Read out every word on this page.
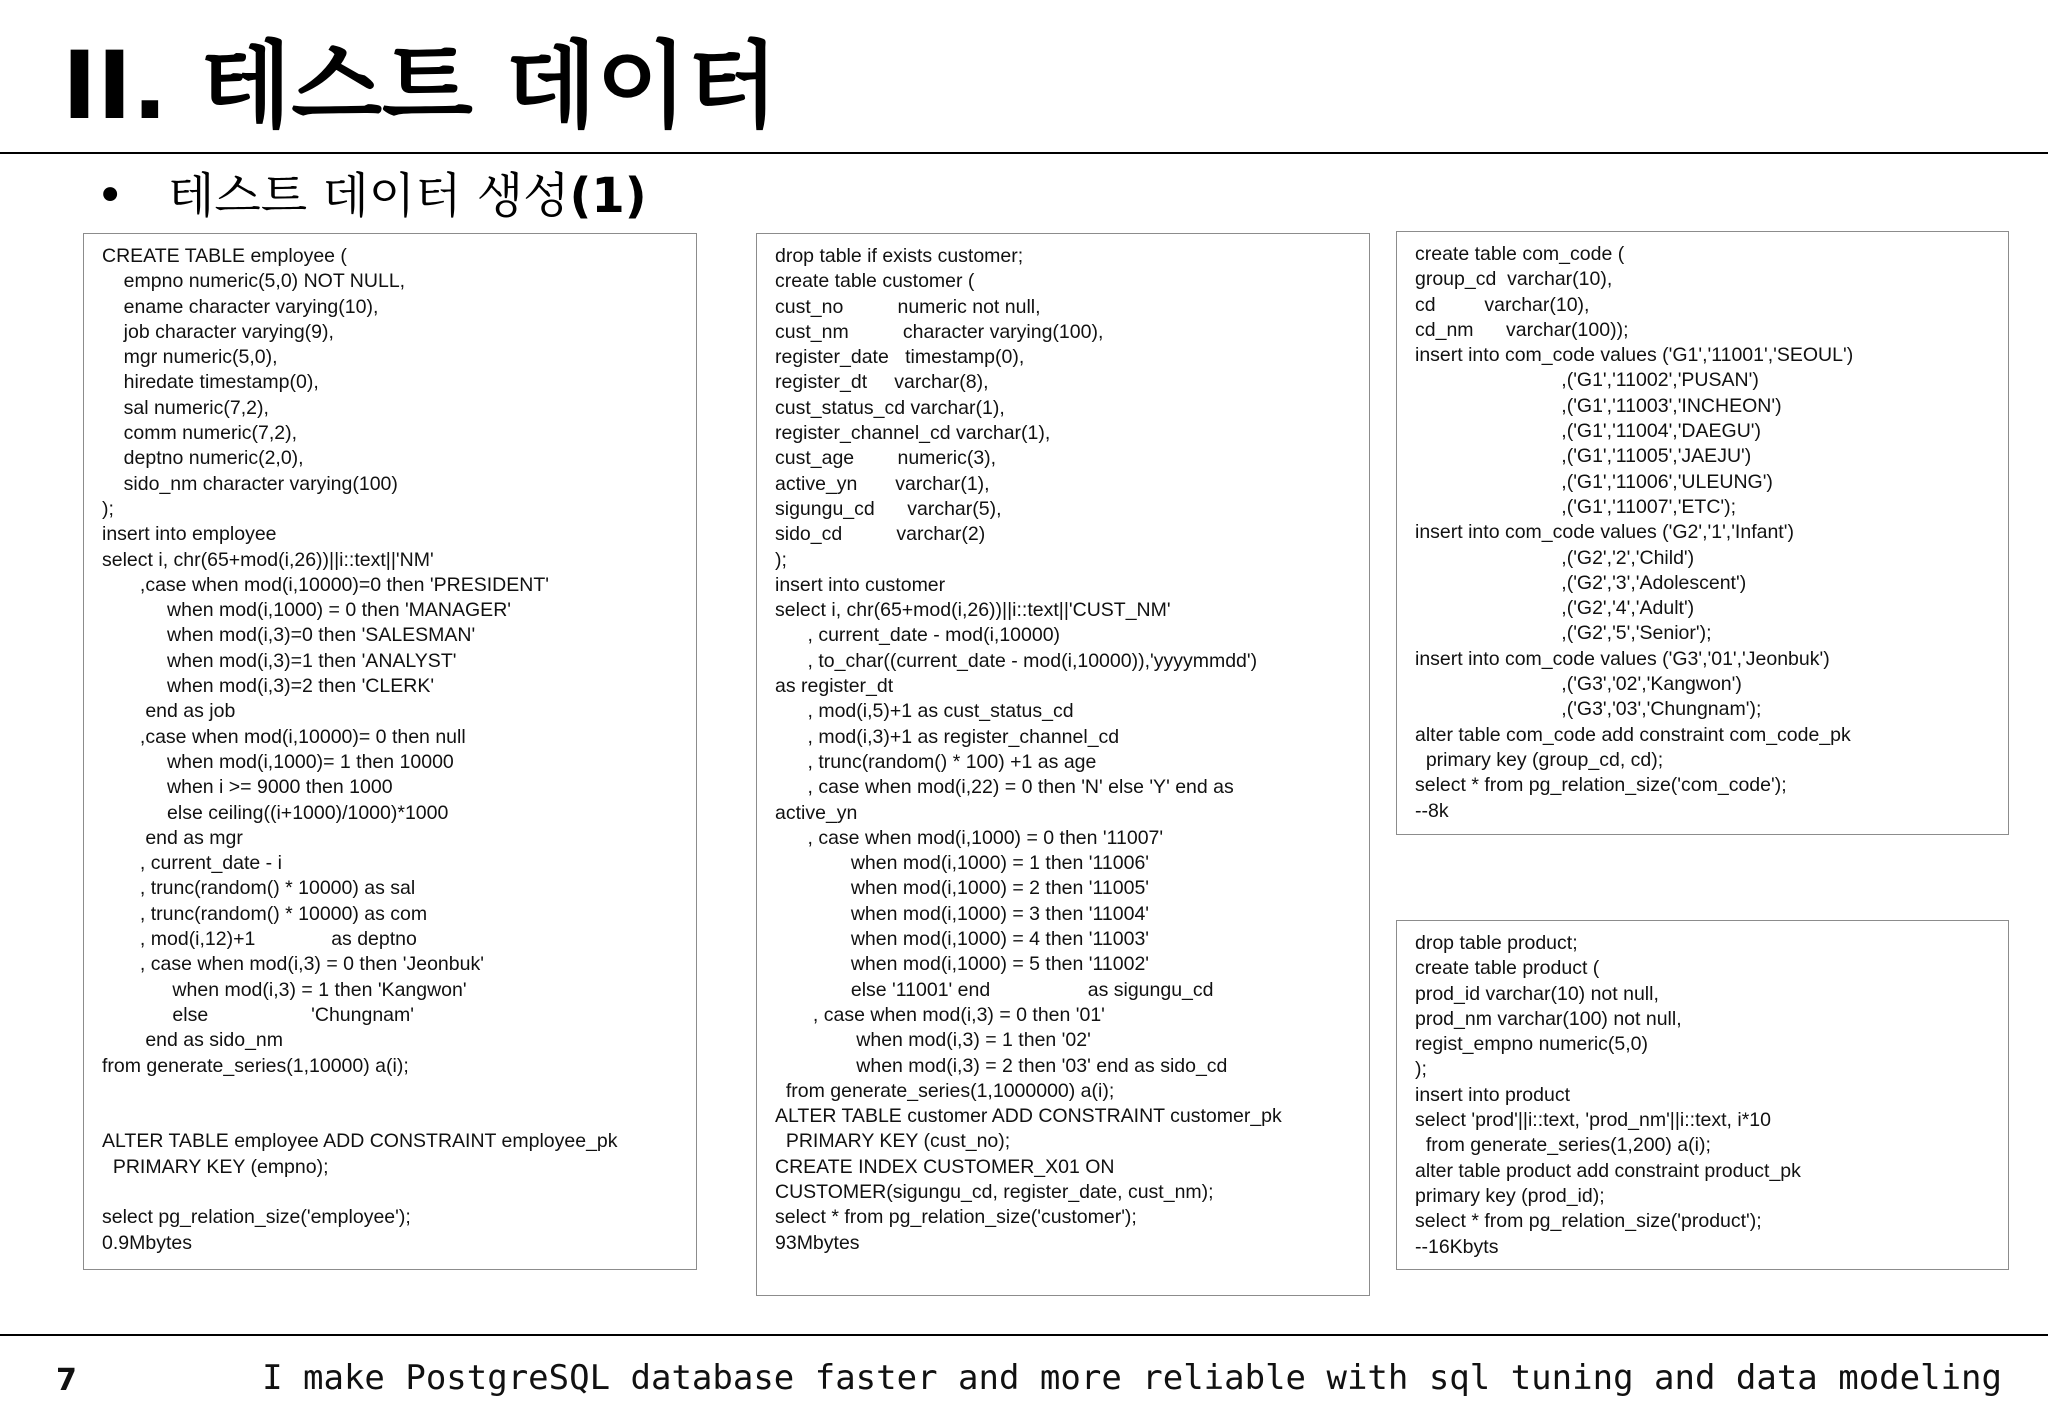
II. 테스트 데이터
• 테스트 데이터 생성(1)
CREATE TABLE employee (
empno numeric(5,0) NOT NULL,
ename character varying(10),
job character varying(9),
mgr numeric(5,0),
hiredate timestamp(0),
sal numeric(7,2),
comm numeric(7,2),
deptno numeric(2,0),
sido_nm character varying(100)
);
insert into employee
select i, chr(65+mod(i,26))||i::text||'NM'
,case when mod(i,10000)=0 then 'PRESIDENT'
when mod(i,1000) = 0 then 'MANAGER'
when mod(i,3)=0 then 'SALESMAN'
when mod(i,3)=1 then 'ANALYST'
when mod(i,3)=2 then 'CLERK'
end as job
,case when mod(i,10000)= 0 then null
when mod(i,1000)= 1 then 10000
when i >= 9000 then 1000
else ceiling((i+1000)/1000)*1000
end as mgr
, current_date - i
, trunc(random() * 10000) as sal
, trunc(random() * 10000) as com
, mod(i,12)+1              as deptno
, case when mod(i,3) = 0 then 'Jeonbuk'
when mod(i,3) = 1 then 'Kangwon'
else                   'Chungnam'
end as sido_nm
from generate_series(1,10000) a(i);

ALTER TABLE employee ADD CONSTRAINT employee_pk
PRIMARY KEY (empno);

select pg_relation_size('employee');
0.9Mbytes
drop table if exists customer;
create table customer (
cust_no          numeric not null,
cust_nm          character varying(100),
register_date   timestamp(0),
register_dt     varchar(8),
cust_status_cd varchar(1),
register_channel_cd varchar(1),
cust_age        numeric(3),
active_yn       varchar(1),
sigungu_cd      varchar(5),
sido_cd          varchar(2)
);
insert into customer
select i, chr(65+mod(i,26))||i::text||'CUST_NM'
, current_date - mod(i,10000)
, to_char((current_date - mod(i,10000)),'yyyymmdd')
as register_dt
, mod(i,5)+1 as cust_status_cd
, mod(i,3)+1 as register_channel_cd
, trunc(random() * 100) +1 as age
, case when mod(i,22) = 0 then 'N' else 'Y' end as
active_yn
, case when mod(i,1000) = 0 then '11007'
when mod(i,1000) = 1 then '11006'
when mod(i,1000) = 2 then '11005'
when mod(i,1000) = 3 then '11004'
when mod(i,1000) = 4 then '11003'
when mod(i,1000) = 5 then '11002'
else '11001' end                  as sigungu_cd
, case when mod(i,3) = 0 then '01'
when mod(i,3) = 1 then '02'
when mod(i,3) = 2 then '03' end as sido_cd
from generate_series(1,1000000) a(i);
ALTER TABLE customer ADD CONSTRAINT customer_pk
PRIMARY KEY (cust_no);
CREATE INDEX CUSTOMER_X01 ON
CUSTOMER(sigungu_cd, register_date, cust_nm);
select * from pg_relation_size('customer');
93Mbytes
create table com_code (
group_cd  varchar(10),
cd         varchar(10),
cd_nm      varchar(100));
insert into com_code values ('G1','11001','SEOUL')
,('G1','11002','PUSAN')
,('G1','11003','INCHEON')
,('G1','11004','DAEGU')
,('G1','11005','JAEJU')
,('G1','11006','ULEUNG')
,('G1','11007','ETC');
insert into com_code values ('G2','1','Infant')
,('G2','2','Child')
,('G2','3','Adolescent')
,('G2','4','Adult')
,('G2','5','Senior');
insert into com_code values ('G3','01','Jeonbuk')
,('G3','02','Kangwon')
,('G3','03','Chungnam');
alter table com_code add constraint com_code_pk
primary key (group_cd, cd);
select * from pg_relation_size('com_code');
--8k
drop table product;
create table product (
prod_id varchar(10) not null,
prod_nm varchar(100) not null,
regist_empno numeric(5,0)
);
insert into product
select 'prod'||i::text, 'prod_nm'||i::text, i*10
from generate_series(1,200) a(i);
alter table product add constraint product_pk
primary key (prod_id);
select * from pg_relation_size('product');
--16Kbyts
7	I make PostgreSQL database faster and more reliable with sql tuning and data modeling
